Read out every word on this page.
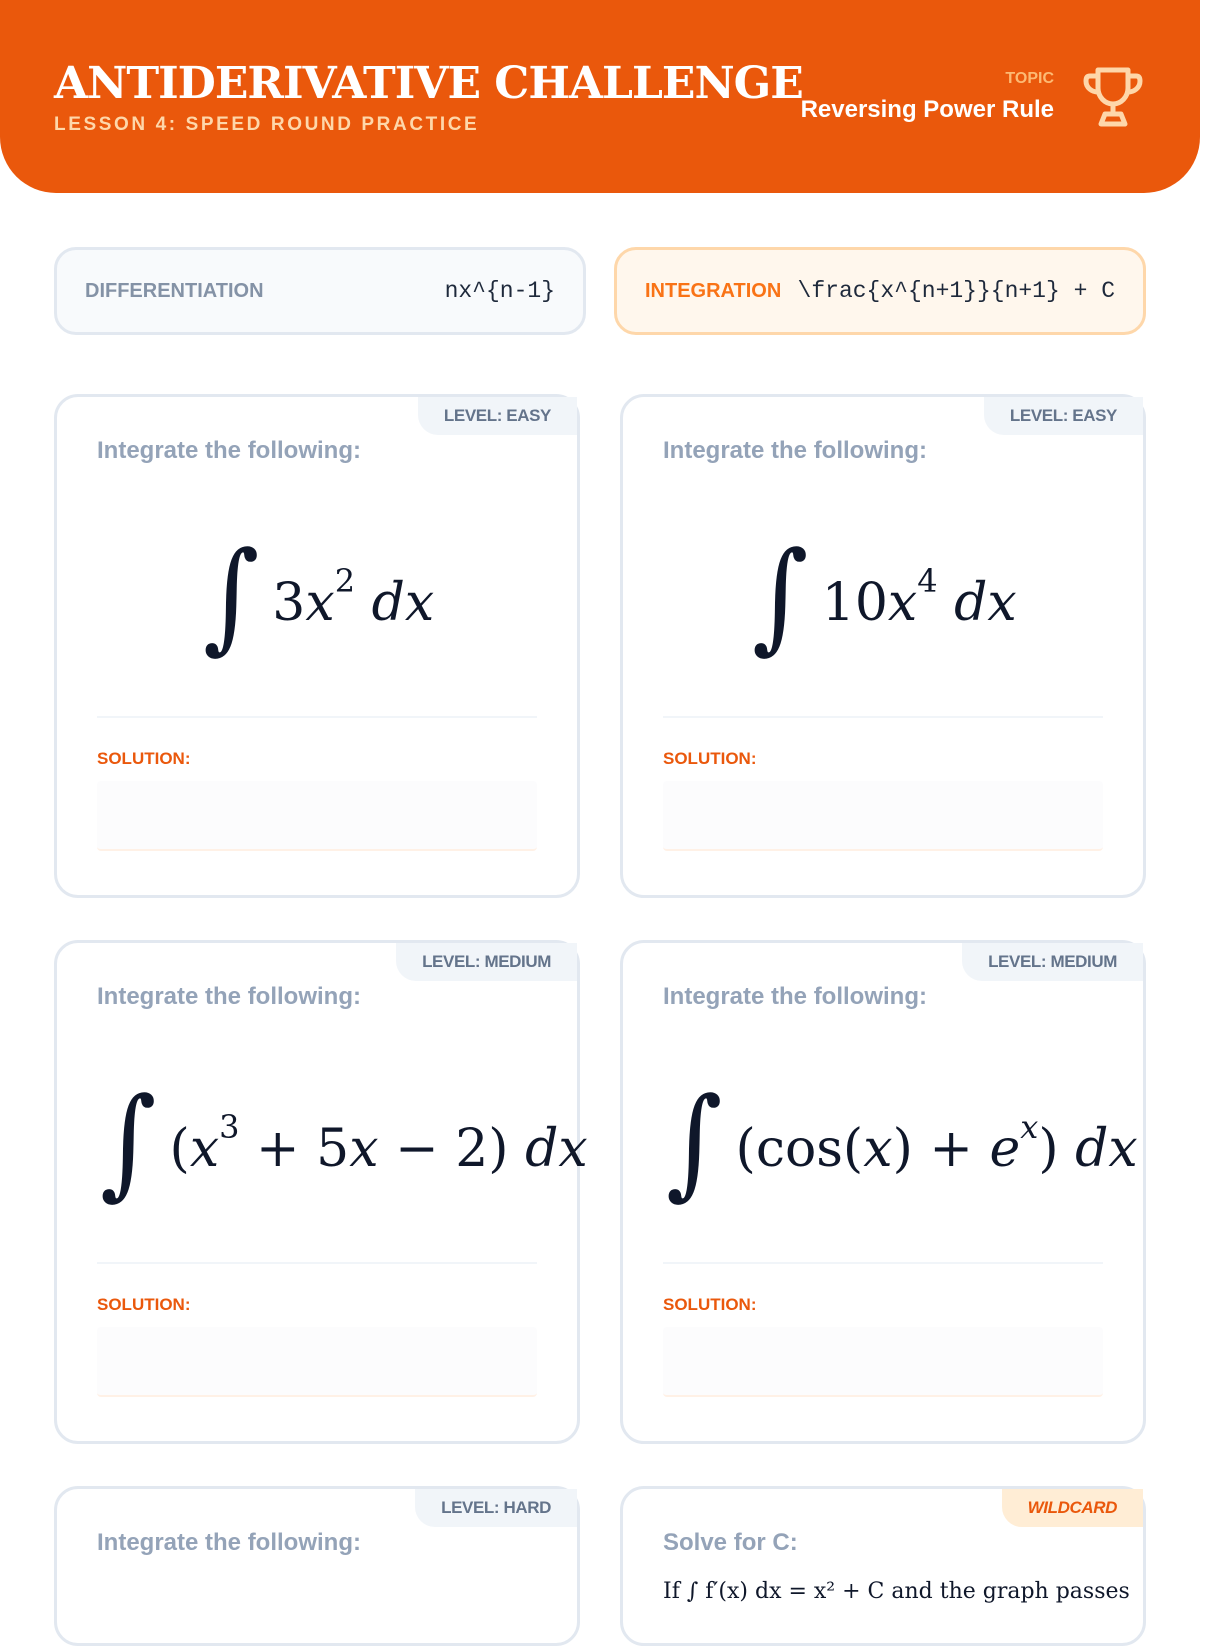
ANTIDERIVATIVE CHALLENGE
LESSON 4: SPEED ROUND PRACTICE
TOPIC
Reversing Power Rule
DIFFERENTIATION	nx^{n-1}	INTEGRATION \frac{x^{n+1}}{n+1} + C
LEVEL: EASY
Integrate the following:
∫ $3x^2$ dx
SOLUTION:
LEVEL: EASY
Integrate the following:
∫ $10x^4$ dx
SOLUTION:
LEVEL: MEDIUM
Integrate the following:
∫ $(x^3 + 5x - 2)$ dx
SOLUTION:
LEVEL: MEDIUM
Integrate the following:
∫ $(\cos(x) + e^x)$ dx
SOLUTION:
LEVEL: HARD
Integrate the following:
WILDCARD
Solve for C:
If ∫ f′(x) dx = x² + C and the graph passes
